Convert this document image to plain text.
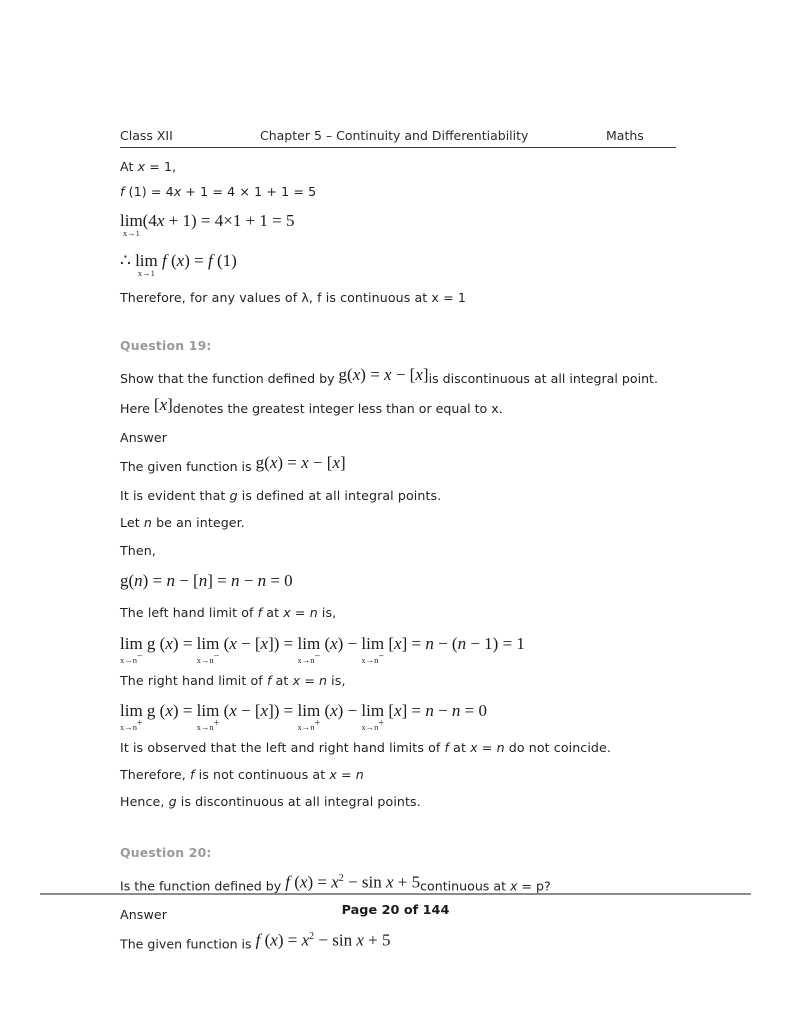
Class XII	Chapter 5 – Continuity and Differentiability	Maths

At x = 1,

f (1) = 4x + 1 = 4 × 1 + 1 = 5

lim
x→1
(4x + 1) = 4×1 + 1 = 5
∴ lim
x→1
f (x) = f (1)

Therefore, for any values of λ, f is continuous at x = 1

Question 19:

Show that the function defined by g(x) = x − [x]is discontinuous at all integral point.
Here [x]denotes the greatest integer less than or equal to x.

Answer

The given function is g(x) = x − [x]

It is evident that g is defined at all integral points.

Let n be an integer.

Then,

g(n) = n − [n] = n − n = 0

The left hand limit of f at x = n is,

lim
x→n−
g (x) = lim
x→n−
(x − [x]) = lim
x→n−
(x) − lim
x→n−
[x] = n − (n − 1) = 1

The right hand limit of f at x = n is,

lim
x→n+
g (x) = lim
x→n+
(x − [x]) = lim
x→n+
(x) − lim
x→n+
[x] = n − n = 0

It is observed that the left and right hand limits of f at x = n do not coincide.

Therefore, f is not continuous at x = n

Hence, g is discontinuous at all integral points.

Question 20:

Is the function defined by f $(x) = x^2 - \sin x$ + 5continuous at x = p?

Answer

The given function is f $(x) = x^2 - \sin x + 5$
Page 20 of 144
